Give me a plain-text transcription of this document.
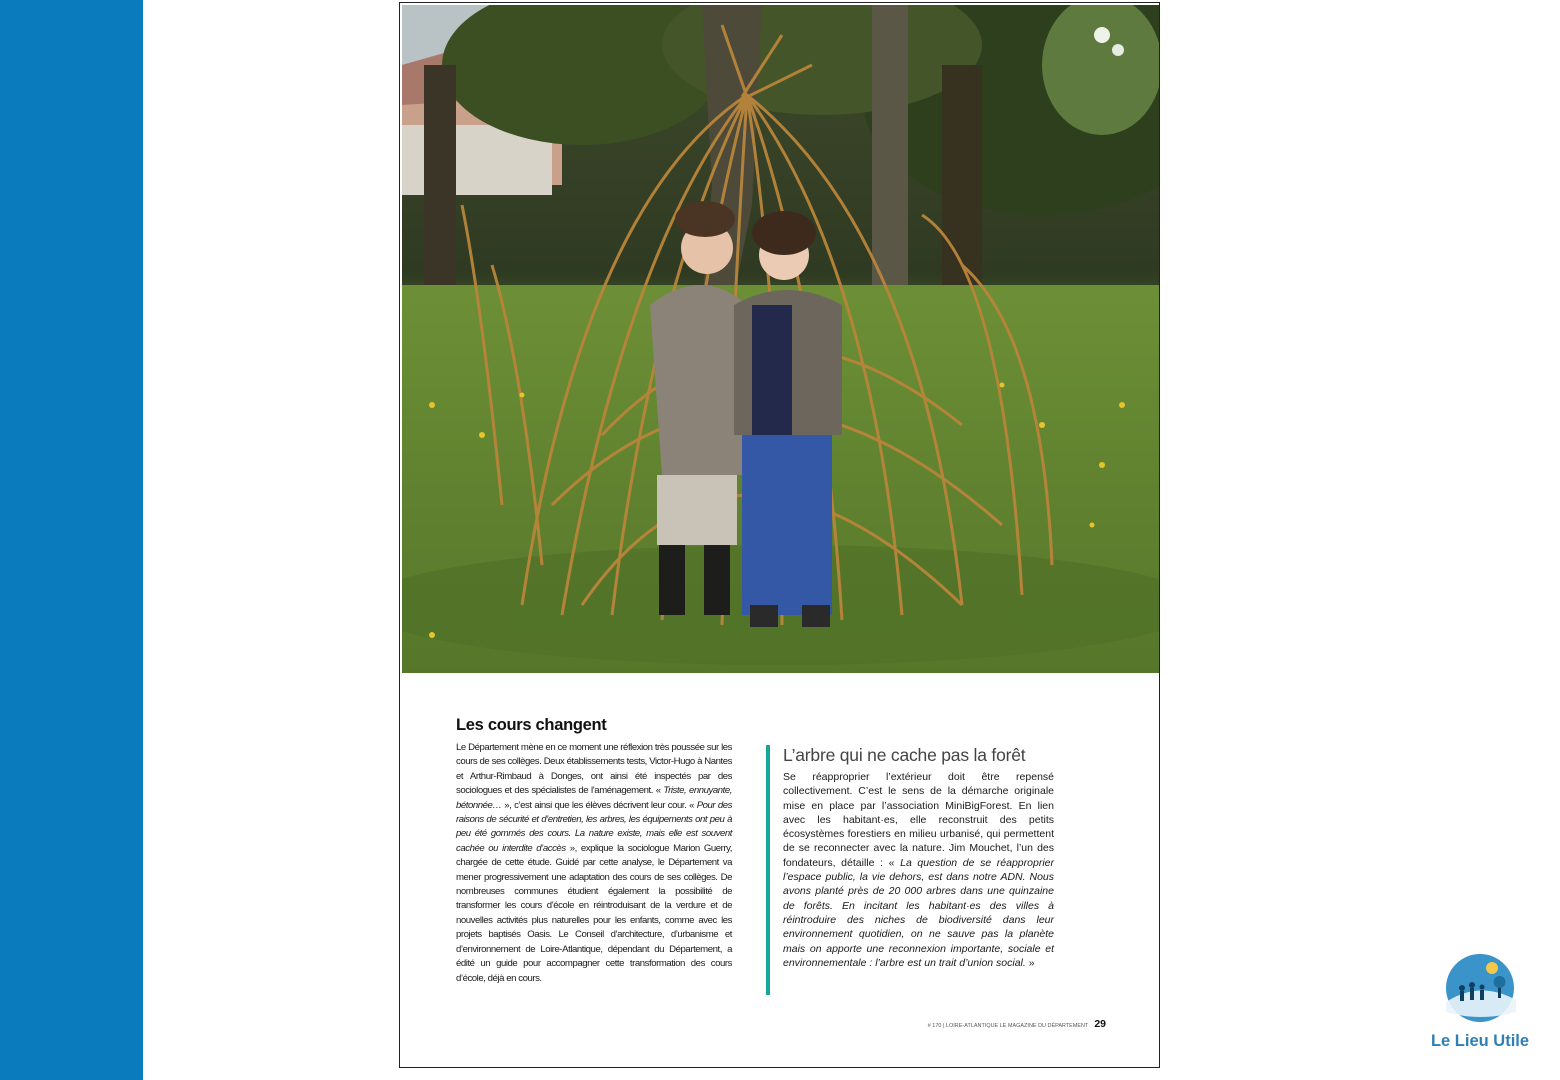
Les cours changent

Le Département mène en ce moment une réflexion très poussée sur les cours de ses collèges. Deux établissements tests, Victor-Hugo à Nantes et Arthur-Rimbaud à Donges, ont ainsi été inspectés par des sociologues et des spécialistes de l’aménagement. « Triste, ennuyante, bétonnée… », c’est ainsi que les élèves décrivent leur cour. « Pour des raisons de sécurité et d’entretien, les arbres, les équipements ont peu à peu été gommés des cours. La nature existe, mais elle est souvent cachée ou interdite d’accès », explique la sociologue Marion Guerry, chargée de cette étude. Guidé par cette analyse, le Département va mener progressivement une adaptation des cours de ses collèges. De nombreuses communes étudient également la possibilité de transformer les cours d’école en réintroduisant de la verdure et de nouvelles activités plus naturelles pour les enfants, comme avec les projets baptisés Oasis. Le Conseil d’architecture, d’urbanisme et d’environnement de Loire-Atlantique, dépendant du Département, a édité un guide pour accompagner cette transformation des cours d’école, déjà en cours.

L’arbre qui ne cache pas la forêt

Se réapproprier l’extérieur doit être repensé collectivement. C’est le sens de la démarche originale mise en place par l’association MiniBigForest. En lien avec les habitant·es, elle reconstruit des petits écosystèmes forestiers en milieu urbanisé, qui permettent de se reconnecter avec la nature. Jim Mouchet, l’un des fondateurs, détaille : « La question de se réapproprier l’espace public, la vie dehors, est dans notre ADN. Nous avons planté près de 20 000 arbres dans une quinzaine de forêts. En incitant les habitant·es des villes à réintroduire des niches de biodiversité dans leur environnement quotidien, on ne sauve pas la planète mais on apporte une reconnexion importante, sociale et environnementale : l’arbre est un trait d’union social. »

# 170 | LOIRE-ATLANTIQUE LE MAGAZINE DU DÉPARTEMENT 29
Le Lieu Utile
